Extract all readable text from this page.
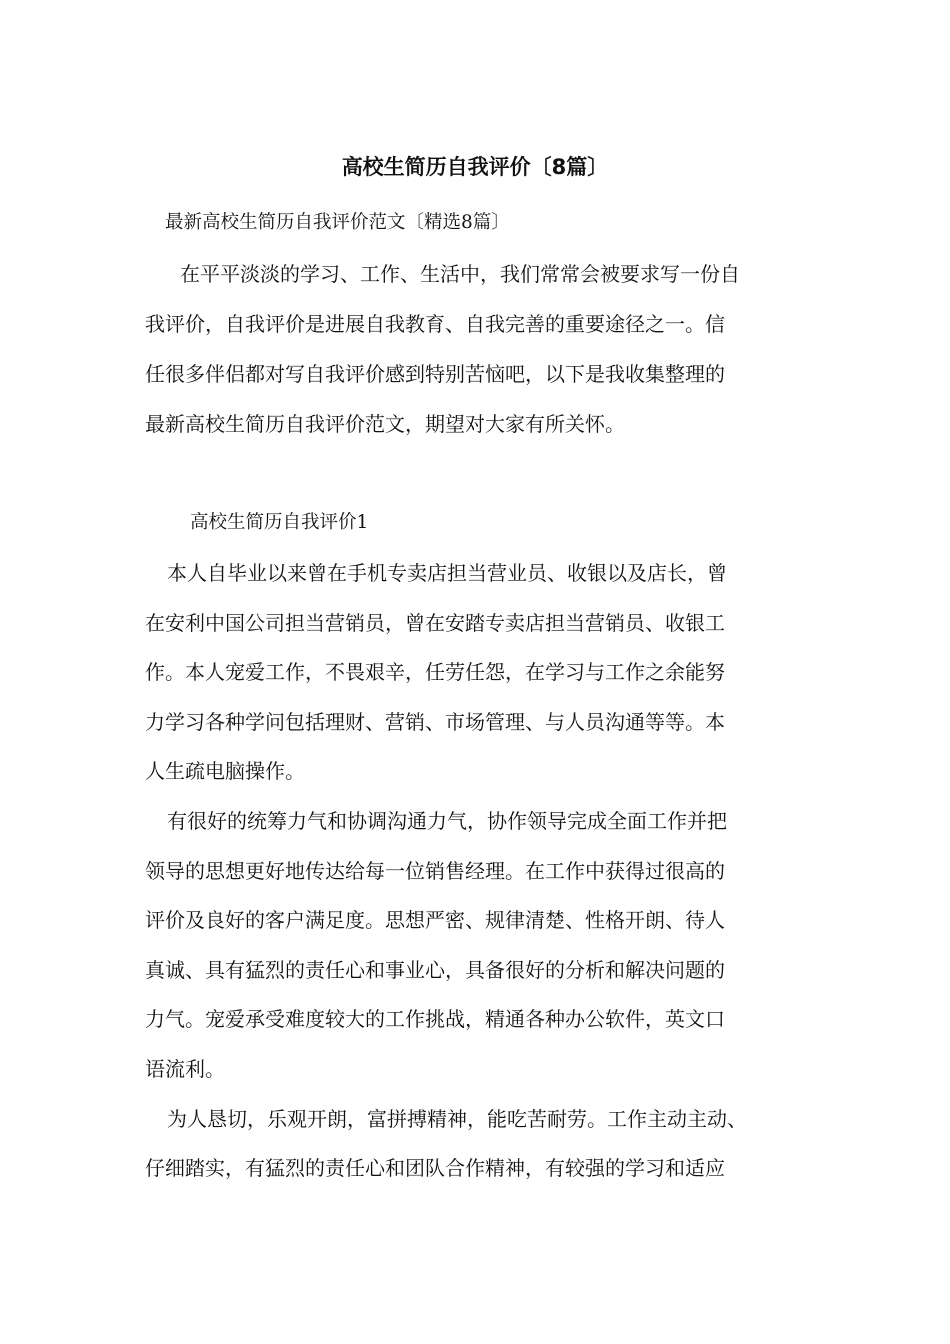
高校生简历自我评价〔8篇〕
最新高校生简历自我评价范文〔精选8篇〕
在平平淡淡的学习、工作、生活中，我们常常会被要求写一份自
我评价，自我评价是进展自我教育、自我完善的重要途径之一。信
任很多伴侣都对写自我评价感到特别苦恼吧，以下是我收集整理的
最新高校生简历自我评价范文，期望对大家有所关怀。
高校生简历自我评价1
本人自毕业以来曾在手机专卖店担当营业员、收银以及店长，曾
在安利中国公司担当营销员，曾在安踏专卖店担当营销员、收银工
作。本人宠爱工作，不畏艰辛，任劳任怨，在学习与工作之余能努
力学习各种学问包括理财、营销、市场管理、与人员沟通等等。本
人生疏电脑操作。
有很好的统筹力气和协调沟通力气，协作领导完成全面工作并把
领导的思想更好地传达给每一位销售经理。在工作中获得过很高的
评价及良好的客户满足度。思想严密、规律清楚、性格开朗、待人
真诚、具有猛烈的责任心和事业心，具备很好的分析和解决问题的
力气。宠爱承受难度较大的工作挑战，精通各种办公软件，英文口
语流利。
为人恳切，乐观开朗，富拼搏精神，能吃苦耐劳。工作主动主动、
仔细踏实，有猛烈的责任心和团队合作精神，有较强的学习和适应
